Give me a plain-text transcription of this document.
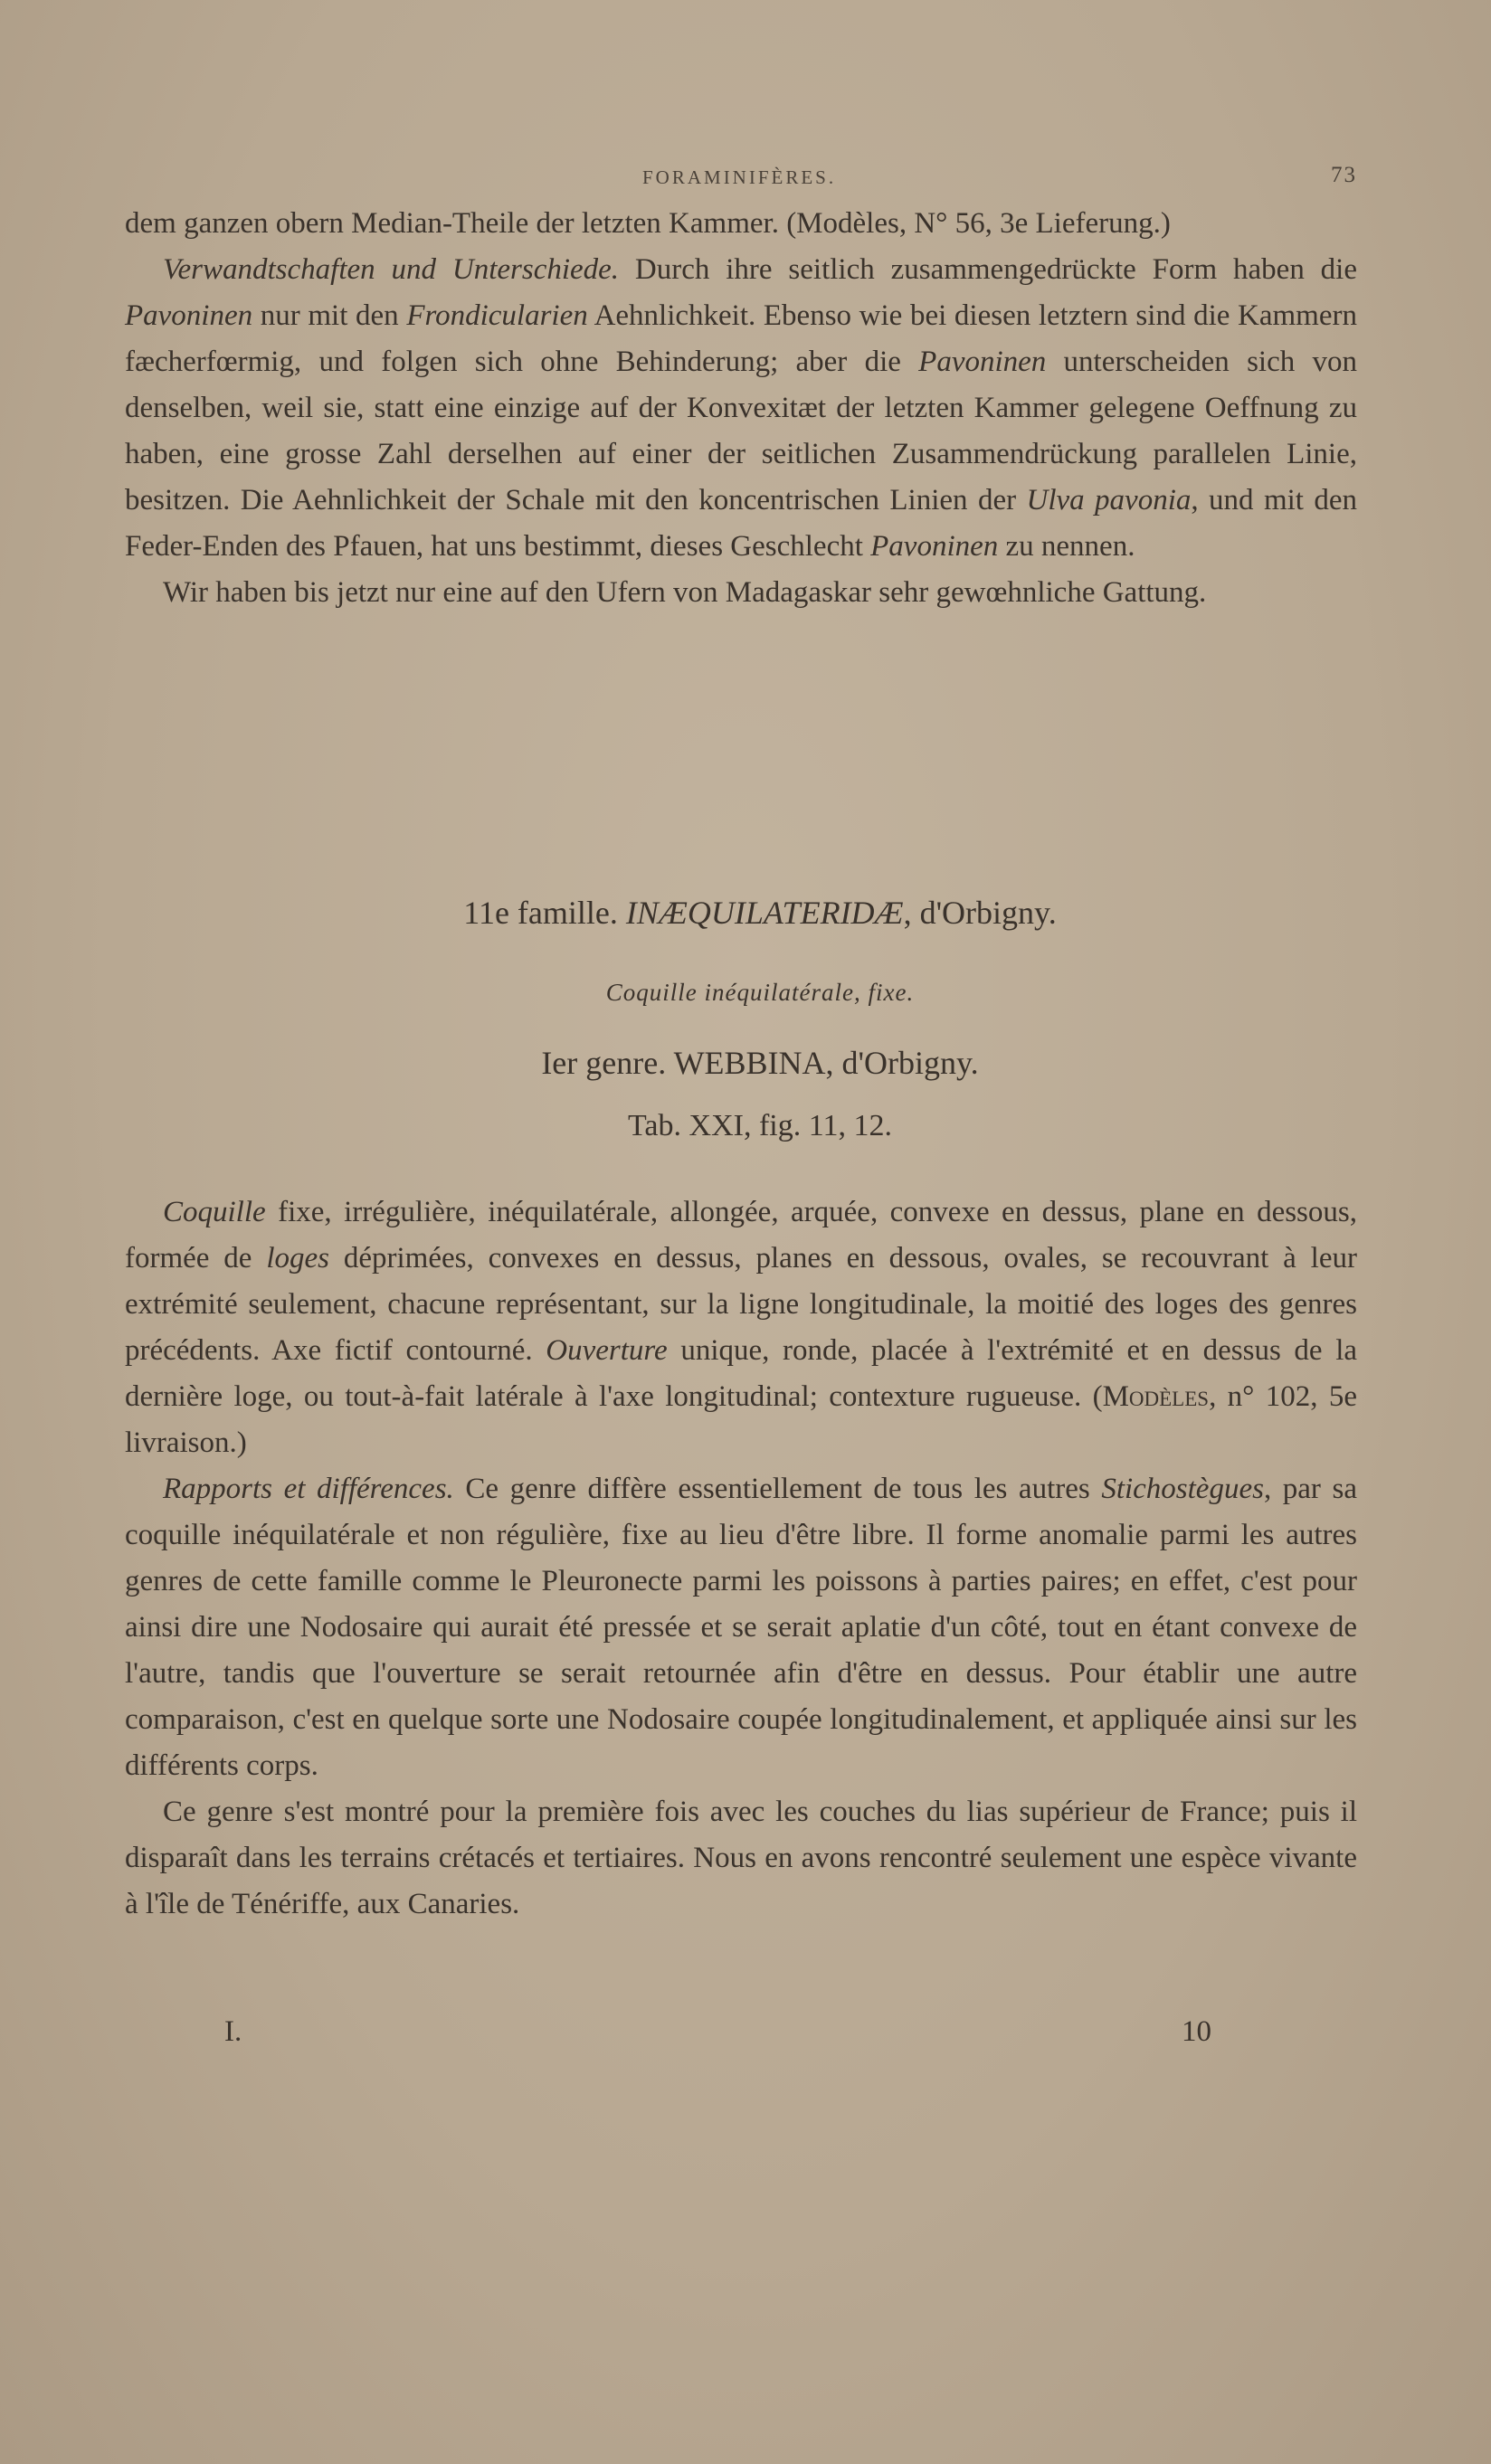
FORAMINIFÈRES.	73

dem ganzen obern Median-Theile der letzten Kammer. (Modèles, N° 56, 3e Lieferung.)

Verwandtschaften und Unterschiede. Durch ihre seitlich zusammengedrückte Form haben die Pavoninen nur mit den Frondicularien Aehnlichkeit. Ebenso wie bei diesen letztern sind die Kammern fæcherfœrmig, und folgen sich ohne Behinderung; aber die Pavoninen unterscheiden sich von denselben, weil sie, statt eine einzige auf der Konvexitæt der letzten Kammer gelegene Oeffnung zu haben, eine grosse Zahl derselhen auf einer der seitlichen Zusammendrückung parallelen Linie, besitzen. Die Aehnlichkeit der Schale mit den koncentrischen Linien der Ulva pavonia, und mit den Feder-Enden des Pfauen, hat uns bestimmt, dieses Geschlecht Pavoninen zu nennen.

Wir haben bis jetzt nur eine auf den Ufern von Madagaskar sehr gewœhnliche Gattung.

11e famille. INÆQUILATERIDÆ, d'Orbigny.

Coquille inéquilatérale, fixe.

Ier genre. WEBBINA, d'Orbigny.

Tab. XXI, fig. 11, 12.

Coquille fixe, irrégulière, inéquilatérale, allongée, arquée, convexe en dessus, plane en dessous, formée de loges déprimées, convexes en dessus, planes en dessous, ovales, se recouvrant à leur extrémité seulement, chacune représentant, sur la ligne longitudinale, la moitié des loges des genres précédents. Axe fictif contourné. Ouverture unique, ronde, placée à l'extrémité et en dessus de la dernière loge, ou tout-à-fait latérale à l'axe longitudinal; contexture rugueuse. (Modèles, n° 102, 5e livraison.)

Rapports et différences. Ce genre diffère essentiellement de tous les autres Stichostègues, par sa coquille inéquilatérale et non régulière, fixe au lieu d'être libre. Il forme anomalie parmi les autres genres de cette famille comme le Pleuronecte parmi les poissons à parties paires; en effet, c'est pour ainsi dire une Nodosaire qui aurait été pressée et se serait aplatie d'un côté, tout en étant convexe de l'autre, tandis que l'ouverture se serait retournée afin d'être en dessus. Pour établir une autre comparaison, c'est en quelque sorte une Nodosaire coupée longitudinalement, et appliquée ainsi sur les différents corps.

Ce genre s'est montré pour la première fois avec les couches du lias supérieur de France; puis il disparaît dans les terrains crétacés et tertiaires. Nous en avons rencontré seulement une espèce vivante à l'île de Ténériffe, aux Canaries.

I.	10
